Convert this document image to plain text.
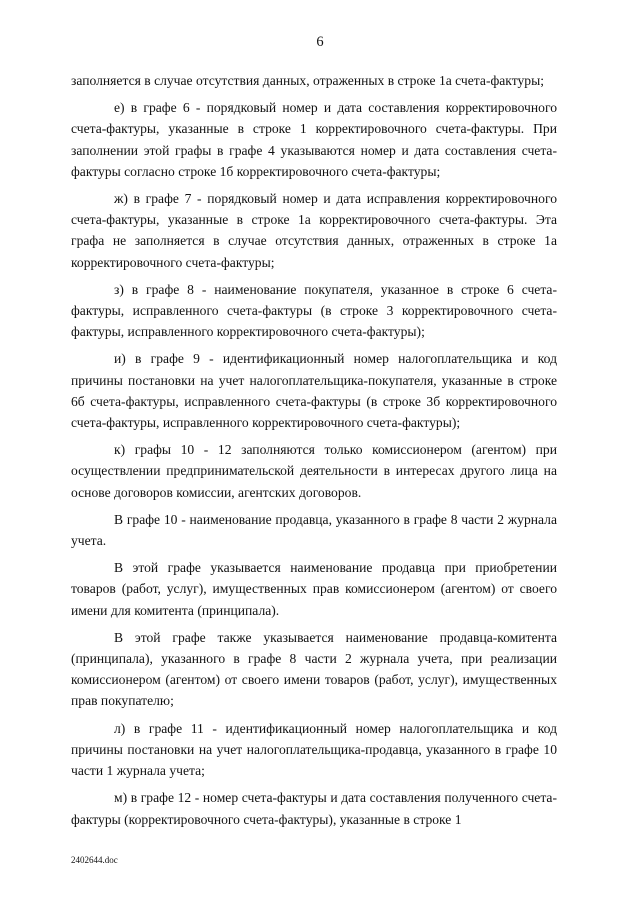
6

заполняется в случае отсутствия данных, отраженных в строке 1а счета-фактуры;

е) в графе 6 - порядковый номер и дата составления корректировочного счета-фактуры, указанные в строке 1 корректировочного счета-фактуры. При заполнении этой графы в графе 4 указываются номер и дата составления счета-фактуры согласно строке 1б корректировочного счета-фактуры;

ж) в графе 7 - порядковый номер и дата исправления корректировочного счета-фактуры, указанные в строке 1а корректировочного счета-фактуры. Эта графа не заполняется в случае отсутствия данных, отраженных в строке 1а корректировочного счета-фактуры;

з) в графе 8 - наименование покупателя, указанное в строке 6 счета-фактуры, исправленного счета-фактуры (в строке 3 корректировочного счета-фактуры, исправленного корректировочного счета-фактуры);

и) в графе 9 - идентификационный номер налогоплательщика и код причины постановки на учет налогоплательщика-покупателя, указанные в строке 6б счета-фактуры, исправленного счета-фактуры (в строке 3б корректировочного счета-фактуры, исправленного корректировочного счета-фактуры);

к) графы 10 - 12 заполняются только комиссионером (агентом) при осуществлении предпринимательской деятельности в интересах другого лица на основе договоров комиссии, агентских договоров.

В графе 10 - наименование продавца, указанного в графе 8 части 2 журнала учета.

В этой графе указывается наименование продавца при приобретении товаров (работ, услуг), имущественных прав комиссионером (агентом) от своего имени для комитента (принципала).

В этой графе также указывается наименование продавца-комитента (принципала), указанного в графе 8 части 2 журнала учета, при реализации комиссионером (агентом) от своего имени товаров (работ, услуг), имущественных прав покупателю;

л) в графе 11 - идентификационный номер налогоплательщика и код причины постановки на учет налогоплательщика-продавца, указанного в графе 10 части 1 журнала учета;

м) в графе 12 - номер счета-фактуры и дата составления полученного счета-фактуры (корректировочного счета-фактуры), указанные в строке 1

2402644.doc
